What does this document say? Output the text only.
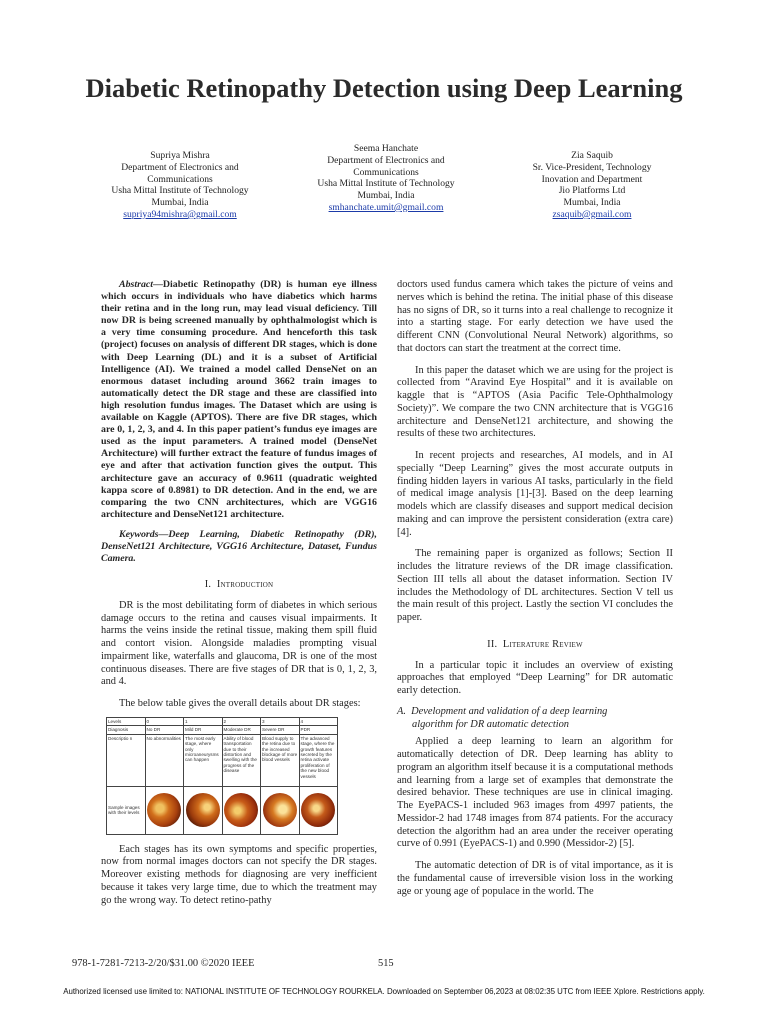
Diabetic Retinopathy Detection using Deep Learning
Supriya Mishra
Department of Electronics and
Communications
Usha Mittal Institute of Technology
Mumbai, India
supriya94mishra@gmail.com
Seema Hanchate
Department of Electronics and
Communications
Usha Mittal Institute of Technology
Mumbai, India
smhanchate.umit@gmail.com
Zia Saquib
Sr. Vice-President, Technology
Inovation and Department
Jio Platforms Ltd
Mumbai, India
zsaquib@gmail.com

Abstract—Diabetic Retinopathy (DR) is human eye illness which occurs in individuals who have diabetics which harms their retina and in the long run, may lead visual deficiency. Till now DR is being screened manually by ophthalmologist which is a very time consuming procedure. And henceforth this task (project) focuses on analysis of different DR stages, which is done with Deep Learning (DL) and it is a subset of Artificial Intelligence (AI). We trained a model called DenseNet on an enormous dataset including around 3662 train images to automatically detect the DR stage and these are classified into high resolution fundus images. The Dataset which are using is available on Kaggle (APTOS). There are five DR stages, which are 0, 1, 2, 3, and 4. In this paper patient’s fundus eye images are used as the input parameters. A trained model (DenseNet Architecture) will further extract the feature of fundus images of eye and after that activation function gives the output. This architecture gave an accuracy of 0.9611 (quadratic weighted kappa score of 0.8981) to DR detection. And in the end, we are comparing the two CNN architectures, which are VGG16 architecture and DenseNet121 architecture.

Keywords—Deep Learning, Diabetic Retinopathy (DR), DenseNet121 Architecture, VGG16 Architecture, Dataset, Fundus Camera.

I. Introduction

DR is the most debilitating form of diabetes in which serious damage occurs to the retina and causes visual impairments. It harms the veins inside the retinal tissue, making them spill fluid and contort vision. Alongside maladies prompting visual impairment like, waterfalls and glaucoma, DR is one of the most continuous diseases. There are five stages of DR that is 0, 1, 2, 3, and 4.

The below table gives the overall details about DR stages:

Levels	0	1	2	3	4
Diagnosis	No DR	Mild DR	Moderate DR	Severe DR	PDR
Descriptio n	No abnormalities	The most early stage, where only microaneurysms can happen	Ability of blood transportation due to their distortion and swelling with the progress of the disease	Blood supply to the retina due to the increased blockage of more blood vessels	The advanced stage, where the growth features secreted by the retina activate proliferation of the new blood vessels
Sample images with their levels	

Each stages has its own symptoms and specific properties, now from normal images doctors can not specify the DR stages. Moreover existing methods for diagnosing are very inefficient because it takes very large time, due to which the treatment may go the wrong way. To detect retino-pathy

doctors used fundus camera which takes the picture of veins and nerves which is behind the retina. The initial phase of this disease has no signs of DR, so it turns into a real challenge to recognize it into a starting stage. For early detection we have used the different CNN (Convolutional Neural Network) algorithms, so that doctors can start the treatment at the correct time.

In this paper the dataset which we are using for the project is collected from “Aravind Eye Hospital” and it is available on kaggle that is “APTOS (Asia Pacific Tele-Ophthalmology Society)”. We compare the two CNN architecture that is VGG16 architecture and DenseNet121 architecture, and showing the results of these two architectures.

In recent projects and researches, AI models, and in AI specially “Deep Learning” gives the most accurate outputs in finding hidden layers in various AI tasks, particularly in the field of medical image analysis [1]-[3]. Based on the deep learning models which are classify diseases and support medical decision making and can improve the persistent consideration (extra care) [4].

The remaining paper is organized as follows; Section II includes the litrature reviews of the DR image classification. Section III tells all about the dataset information. Section IV includes the Methodology of DL architectures. Section V tell us the main result of this project. Lastly the section VI concludes the paper.

II. Literature Review

In a particular topic it includes an overview of existing approaches that employed “Deep Learning” for DR automatic early detection.

A. Development and validation of a deep learning
algorithm for DR automatic detection

Applied a deep learning to learn an algorithm for automatically detection of DR. Deep learning has ablity to program an algorithm itself because it is a computational methods and learning from a large set of examples that demonstrate the desired behavior. These techniques are use in clinical imaging. The EyePACS-1 included 963 images from 4997 patients, the Messidor-2 had 1748 images from 874 patients. For the accuracy detection the algorithm had an area under the receiver operating curve of 0.991 (EyePACS-1) and 0.990 (Messidor-2) [5].

The automatic detection of DR is of vital importance, as it is the fundamental cause of irreversible vision loss in the working age or young age of populace in the world. The

978-1-7281-7213-2/20/$31.00 ©2020 IEEE	515
Authorized licensed use limited to: NATIONAL INSTITUTE OF TECHNOLOGY ROURKELA. Downloaded on September 06,2023 at 08:02:35 UTC from IEEE Xplore. Restrictions apply.
